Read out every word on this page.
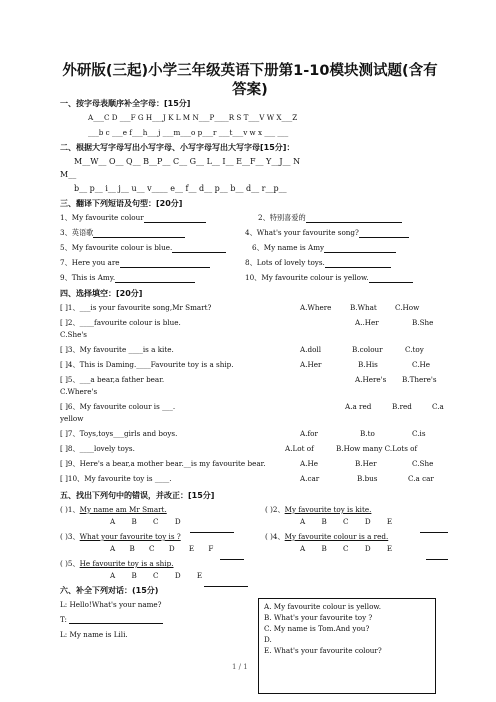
外研版(三起)小学三年级英语下册第1-10模块测试题(含有答案)
一、按字母表顺序补全字母：[15分]
A___C D ___F G H___J K L M N___P____R S T___V W X___Z
___b c ___e f___h___j ___m___o p___r ___t___v w x ___ ___
二、根据大写字母写出小写字母、小写字母写出大写字母[15分]：
M__W__ O__ Q__ B__P__ C__ G__ L__ I__ E__F__ Y__J__ N
M__
b__ p__ i__ j__ u__ v____ e__ f__ d__ p__ b__ d__ r__p__
三、翻译下列短语及句型：[20分]
1、My favourite colour	2、特别喜爱的
3、英语歌	4、What's your favourite song?
5、My favourite colour is blue.	6、My name is Amy
7、Here you are	8、Lots of lovely toys.
9、This is Amy.	10、My favourite colour is yellow.
四、选择填空：[20分]
[ ]1、___is your favourite song,Mr Smart?	A.Where	B.What	C.How
[ ]2、____favourite colour is blue.	A..Her	B.She
C.She's
[ ]3、My favourite ____is a kite.	A.doll	B.colour	C.toy
[ ]4、This is Daming.____Favourite toy is a ship.	A.Her	B.His	C.He
[ ]5、___a bear,a father bear.	A.Here's B.There's
C.Where's
[ ]6、My favourite colour is ___.	A.a red	B.red	C.a
yellow
[ ]7、Toys,toys___girls and boys.	A.for	B.to	C.is
[ ]8、____lovely toys.	A.Lot of	B.How many C.Lots of
[ ]9、Here's a bear,a mother bear.__is my favourite bear.	A.He	B.Her	C.She
[ ]10、My favourite toy is ____.	A.car	B.bus	C.a car
五、找出下列句中的错误，并改正：[15分]
( )1、My name am Mr Smart.
A B C D
( )2、My favourite toy is kite.
A B C D E
( )3、What your favourite toy is ?
A B C D E F
( )4、My favourite colour is a red.
A B C D E
( )5、He favourite toy is a ship.
A B C D E
六、补全下列对话：(15分)
L: Hello!What's your name?
T:
L: My name is Lili.
A. My favourite colour is yellow.
B. What's your favourite toy ?
C. My name is Tom.And you?
D.
E. What's your favourite colour?
1 / 1
